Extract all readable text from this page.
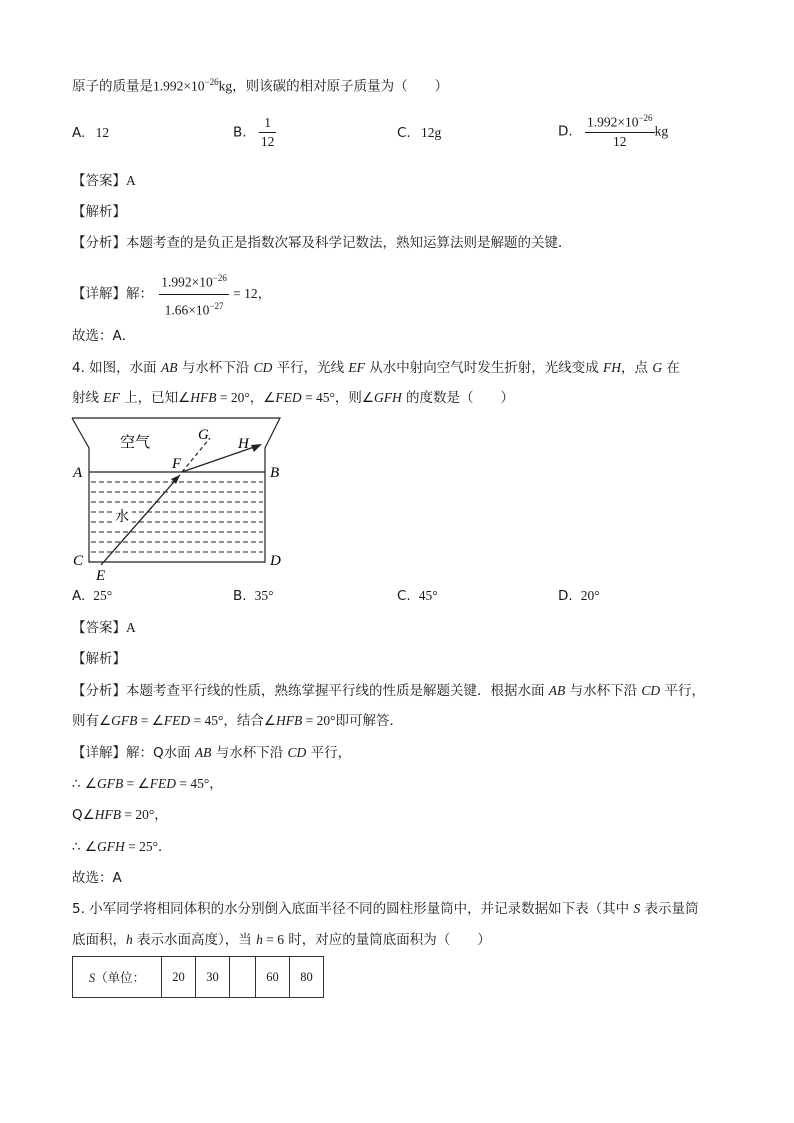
原子的质量是$1.992\times 10^{-26}kg$，则该碳的相对原子质量为（　　）
A. 12	B. $\frac{1}{12}$	C. 12g	D. $\frac{1.992\times 10^{-26}}{12}$ kg
【答案】A
【解析】
【分析】本题考查的是负正是指数次幂及科学记数法，熟知运算法则是解题的关键．
【详解】解： $\frac{1.992\times 10^{-26}}{1.66\times 10^{-27}} = 12$，
故选：A．
4. 如图，水面 AB 与水杯下沿 CD 平行，光线 EF 从水中射向空气时发生折射，光线变成 FH，点 G 在
射线 EF 上，已知∠HFB = 20°，∠FED = 45°，则∠GFH 的度数是（　　）
空气
水
A	B
C	D
E
F
G
H
A. 25°	B. 35°	C. 45°	D. 20°
【答案】A
【解析】
【分析】本题考查平行线的性质，熟练掌握平行线的性质是解题关键．根据水面 AB 与水杯下沿 CD 平行，
则有∠GFB = ∠FED = 45°，结合∠HFB = 20°即可解答．
【详解】解：Q水面 AB 与水杯下沿 CD 平行，
∴ ∠GFB = ∠FED = 45°，
Q∠HFB = 20°，
∴ ∠GFH = 25°．
故选：A
5. 小军同学将相同体积的水分别倒入底面半径不同的圆柱形量筒中，并记录数据如下表（其中 S 表示量筒
底面积，h 表示水面高度），当 h = 6 时，对应的量筒底面积为（　　）
S（单位：	20	30		60	80
